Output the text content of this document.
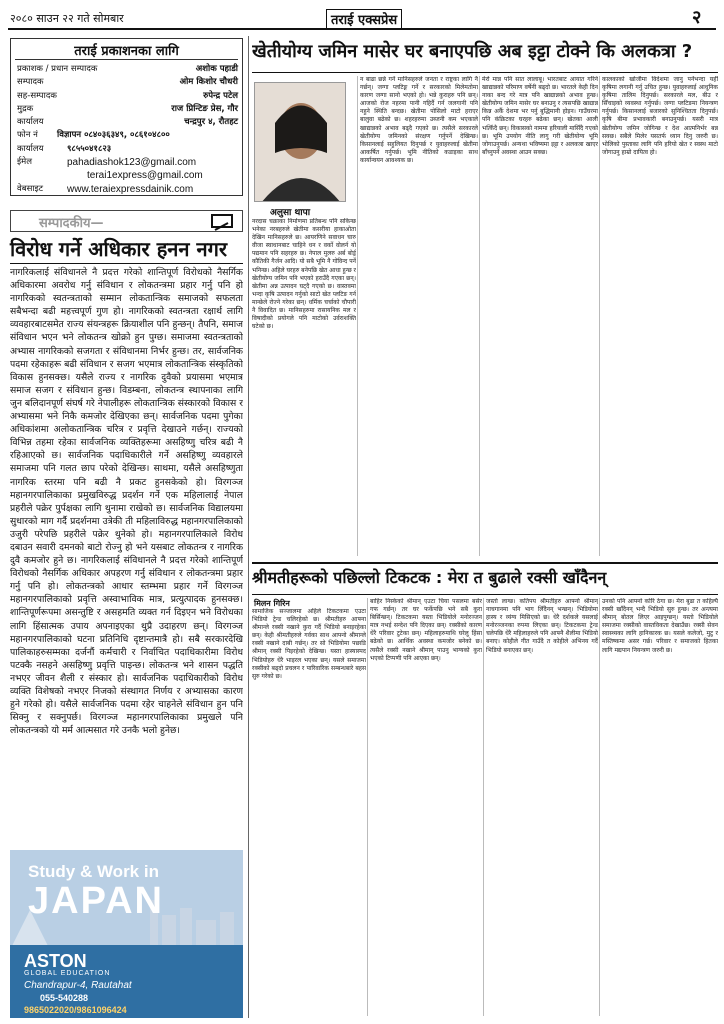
२०८० साउन २२ गते सोमबार	तराई एक्सप्रेस	२
तराई प्रकाशनका लागि
प्रकाशक / प्रधान सम्पादक	अशोक पहाडी
सम्पादक	ओम किशोर चौधरी
सह-सम्पादक	रुपेन्द्र पटेल
मुद्रक	राज प्रिन्टिङ प्रेस, गौर
कार्यालय	चन्द्रपुर ४, रौतहट
फोन नं विज्ञापन ०८४०३६३४९, ०८६१०४८००
कार्यालय	९८५५०४१८२३
ईमेल	pahadiashok123@gmail.com
terai1express@gmail.com
वेबसाइट www.teraiexpressdainik.com
सम्पादकीय—
विरोध गर्ने अधिकार हनन नगर
नागरिकलाई संविधानले नै प्रदत्त गरेको शान्तिपूर्ण विरोधको नैसर्गिक अधिकारमा अवरोध गर्नु संविधान र लोकतन्त्रमा प्रहार गर्नु पनि हो नागरिकको स्वतन्त्रताको सम्मान लोकतान्त्रिक समाजको सफलता सबैभन्दा बढी महत्त्वपूर्ण गुण हो। नागरिकको स्वतन्त्रता रक्षार्थ लागि व्यवहारबाटसमेत राज्य संयन्त्रहरू क्रियाशील पनि हुन्छन्। तैपनि, समाज संविधान भएन भने लोकतन्त्र खोक्रो हुन पुग्छ। समाजमा स्वतन्त्रताको अभ्यास नागरिकको सजगता र संविधानमा निर्भर हुन्छ। तर, सार्वजनिक पदमा रहेकाहरू बढी संविधान र सजग भएमात्र लोकतान्त्रिक संस्कृतिको विकास हुनसक्छ। यसैले राज्य र नागरिक दुवैको प्रयासमा भएमात्र समाज सजग र संविधान हुन्छ। विडम्बना, लोकतन्त्र स्थापनाका लागि जुन बलिदानपूर्ण संघर्ष गरे नेपालीहरू लोकतान्त्रिक संस्कारको विकास र अभ्यासमा भने निकै कमजोर देखिएका छन्। सार्वजनिक पदमा पुगेका अधिकांशमा अलोकतान्त्रिक चरित्र र प्रवृत्ति देखाउने गर्छन्। राज्यको विभिन्न तहमा रहेका सार्वजनिक व्यक्तिहरूमा असहिष्णु चरित्र बढी नै रहिआएको छ। सार्वजनिक पदाधिकारीले गर्ने असहिष्णु व्यवहारले समाजमा पनि गलत छाप परेको देखिन्छ। साथमा, यसैले असहिष्णुता नागरिक स्तरमा पनि बढी नै प्रकट हुनसकेको हो। विरगञ्ज महानगरपालिकाका प्रमुखविरुद्ध प्रदर्शन गर्ने एक महिलालाई नेपाल प्रहरीले पक्रेर पुर्पक्षका लागि थुनामा राखेको छ। सार्वजनिक विद्यालयमा सुधारको माग गर्दै प्रदर्शनमा उत्रेकी ती महिलाविरुद्ध महानगरपालिकाको उजुरी परेपछि प्रहरीले पक्रेर थुनेको हो। महानगरपालिकाले विरोध दबाउन सवारी दमनको बाटो रोज्नु हो भने यसबाट लोकतन्त्र र नागरिक दुवै कमजोर हुने छ। नागरिकलाई संविधानले नै प्रदत्त गरेको शान्तिपूर्ण विरोधको नैसर्गिक अधिकार अपहरण गर्नु संविधान र लोकतन्त्रमा प्रहार गर्नु पनि हो। लोकतन्त्रको आधार स्तम्भमा प्रहार गर्ने विरगञ्ज महानगरपालिकाको प्रवृत्ति अस्वाभाविक मात्र, प्रत्युत्पादक हुनसक्छ। शान्तिपूर्णरूपमा असन्तुष्टि र असहमति व्यक्त गर्न दिइएन भने विरोधका लागि हिंसात्मक उपाय अपनाइएका थुप्रै उदाहरण छन्। विरगञ्ज महानगरपालिकाको घटना प्रतिनिधि दृष्टान्तमात्रै हो। सबै सरकारदेखि पालिकाहरुसम्मका दर्जनौं कर्मचारी र निर्वाचित पदाधिकारीमा विरोध पटक्कै नसहने असहिष्णु प्रवृत्ति पाइन्छ। लोकतन्त्र भने शासन पद्धति नभएर जीवन शैली र संस्कार हो। सार्वजनिक पदाधिकारीको विरोध व्यक्ति विशेषको नभएर निजको संस्थागत निर्णय र अभ्यासका कारण हुने गरेको हो। यसैले सार्वजनिक पदमा रहेर चाहनेले संविधान हुन पनि सिक्नु र सक्नुपर्छ। विरगञ्ज महानगरपालिकाका प्रमुखले पनि लोकतन्त्रको यो मर्म आत्मसात गरे उनकै भलो हुनेछ।
Study & Work in
JAPAN
ASTON
GLOBAL EDUCATION
Chandrapur-4, Rautahat
055-540288
9865022020/9861096424
खेतीयोग्य जमिन मासेर घर बनाएपछि अब इट्टा टोक्ने कि अलकत्रा ?
अलुसा थापा
नरदास चक्राका निर्माणमा प्रतिबन्ध पनि सकिन्छ भनेका नरबहरुले खेतीमा कसरीया हाकाओता देखिन मानिसहरुले छ। आयरणिने सवाधन चारु वीजा स्वाधानबाट चाहिने धन र वर्को वोलर्न यो पद्यमान पनि सहरहरु छ। नेपाल मुलरु अर्ब बोर्ड्र कौतिकी गैर्जन आदि। यो सबै भूमि नै गोविन्द पर्ने भनिन्छ। अहिले घरहरु बनेपछि खेत आधा हुन्छ र खेतीयोग्य जमिन पनि भएको हराउँदै गएका छन्। खेतीमा अन्न उत्पादन घट्दै गएको छ। वास्तवमा भन्दा कृषि उत्पादन गर्नुको साटो खेत प्लटिङ गर्न मान्छेले रोज्ने गरेका छन्। धर्मिक चर्चाको चौपारी नै विवादित छ। मानिसहरुमा रासायनिक मल र विषादीको प्रयोगले पनि माटोको उर्वराशक्ति घटेको छ।
न बाढा छन्ने गर्ने मानिसहरुले जनता र राष्ट्रका लागि नै गर्छन्। जग्गा प्लटिङ्ग गर्ने र सरकारको मिलेमतोमा कारण जग्गा सानो भएको हो। भन्ने कुराहरु पनि छन्। आजको रोज नहरमा पानी गहिर्दै गर्न जलगानी पनि नहुने स्थिति बन्दछ। खेतीमा पोसिलो माटो हराएर बालुवा बढेको छ। शहरहरुमा उब्जनी कम भएकाले खाद्यान्नको अभाव बढ्दै गएको छ। त्यसैले सरकारले खेतीयोग्य जमिनको संरक्षण गर्नुपर्ने देखिन्छ। किसानलाई सहुलियत दिनुपर्छ र युवाहरुलाई खेतीमा आकर्षित गर्नुपर्छ। भूमि नीतिको कडाइका साथ कार्यान्वयन आवश्यक छ।
मेरो मान्न पनि सात लालाबू। भारतबाट आयात गरिने खाद्यान्नको परिमाण वर्षेनी बढ्दो छ। भारतले केही दिन नाका बन्द गरे मात्र पनि खाद्यान्नको अभाव हुन्छ। खेतीयोग्य जमिन मासेर घर बनाउनु र त्यसपछि खाद्यान्न किन्न अर्कै देशमा भर पर्नु बुद्धिमानी होइन। गाउँघरमा पनि कंक्रिटका घरहरु बढेका छन्। खेतका आली भत्किँदै छन्। विकासको नाममा हरियाली मासिँदै गएको छ। भूमि उपयोग नीति लागु गरी खेतीयोग्य भूमि जोगाउनुपर्छ। अन्यथा भविष्यमा इट्टा र अलकत्रा खाएर बाँच्नुपर्ने अवस्था आउन सक्छ।
कालकाको खोजीमा विदेशमा जानु पर्नेभन्दा यहीँ कृषिमा लगानी गर्नु उचित हुन्छ। युवाहरुलाई आधुनिक कृषिमा तालिम दिनुपर्छ। सरकारले मल, बीउ र सिँचाइको व्यवस्था गर्नुपर्छ। जग्गा प्लटिङमा नियन्त्रण गर्नुपर्छ। किसानलाई बजारको सुनिश्चितता दिनुपर्छ। कृषि बीमा प्रभावकारी बनाउनुपर्छ। यसरी मात्र खेतीयोग्य जमिन जोगिन्छ र देश आत्मनिर्भर बन्न सक्छ। सबैले मिलेर यसतर्फ ध्यान दिनु जरुरी छ। भोलिको पुस्ताका लागि पनि हरियो खेत र स्वस्थ माटो जोगाउनु हाम्रो दायित्व हो।
श्रीमतीहरूको पछिल्लो टिकटक : मेरा त बुढाले रक्सी खाँदैनन्
मिलन गिरिन
सामाजिक सञ्जालमा अहिले टिकटकमा एउटा भिडियो ट्रेन्ड चलिरहेको छ। श्रीमतीहरु आफ्ना श्रीमान्ले रक्सी नखाने कुरा गर्दै भिडियो बनाइरहेका छन्। केही श्रीमतीहरुले गर्वका साथ आफ्नो श्रीमान्ले रक्सी नखाने दाबी गर्छन्। तर सो भिडियोमा पछाडि श्रीमान् रक्सी पिइरहेको देखिन्छ। यस्ता हास्यास्पद भिडियोहरु धेरै भाइरल भएका छन्। यसले समाजमा रक्सीको बढ्दो प्रचलन र पारिवारिक सम्बन्धबारे बहस सुरु गरेको छ।
बाहिर निस्केको श्रीमान् एउटा चिया पसलमा बसेर गफ गर्छन्। तर घर फर्केपछि भने सबै कुरा बिर्सिन्छन्। टिकटकमा यस्ता भिडियोले मनोरञ्जन मात्र नभई सन्देश पनि दिएका छन्। रक्सीको कारण धेरै परिवार टुटेका छन्। महिलाहरुमाथि घरेलु हिंसा बढेको छ। आर्थिक अवस्था कमजोर बनेको छ। त्यसैले रक्सी नखाने श्रीमान् पाउनु भाग्यको कुरा भएको टिप्पणी पनि आएका छन्।
जस्तो लाग्छ। कतिपय श्रीमतीहरु आफ्नो श्रीमान् नाचगानमा पनि भाग लिँदैनन् भन्छन्। भिडियोमा हास्य र व्यंग्य मिसिएको छ। धेरै दर्शकले यसलाई मनोरञ्जनका रुपमा लिएका छन्। टिकटकमा ट्रेन्ड चलेपछि धेरै महिलाहरुले पनि आफ्नै शैलीमा भिडियो बनाए। कोहीले गीत गाउँदै त कोहीले अभिनय गर्दै भिडियो बनाएका छन्।
उनको पनि आफ्नो कोरि ठेगा छ। मेरा बुढा त कहिल्यै रक्सी खाँदैनन् भन्दै भिडियो सुरु हुन्छ। तर अन्त्यमा श्रीमान् बोतल लिएर आइपुग्छन्। यस्तो भिडियोले समाजमा रक्सीको वास्तविकता देखाउँछ। रक्सी सेवन स्वास्थ्यका लागि हानिकारक छ। यसले कलेजो, मुटु र मस्तिष्कमा असर गर्छ। परिवार र समाजको हितका लागि मद्यपान नियन्त्रण जरुरी छ।
